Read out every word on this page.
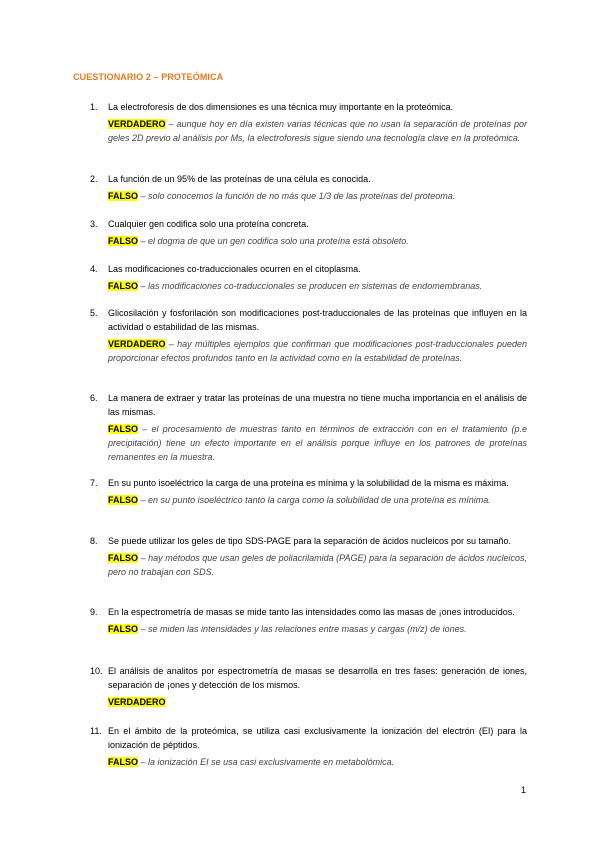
CUESTIONARIO 2 – PROTEÓMICA
1. La electroforesis de dos dimensiones es una técnica muy importante en la proteómica.
VERDADERO – aunque hoy en día existen varias técnicas que no usan la separación de proteínas por geles 2D previo al análisis por Ms, la electroforesis sigue siendo una tecnología clave en la proteómica.
2. La función de un 95% de las proteínas de una célula es conocida.
FALSO – solo conocemos la función de no más que 1/3 de las proteínas del proteoma.
3. Cualquier gen codifica solo una proteína concreta.
FALSO – el dogma de que un gen codifica solo una proteína está obsoleto.
4. Las modificaciones co-traduccionales ocurren en el citoplasma.
FALSO – las modificaciones co-traduccionales se producen en sistemas de endomembranas.
5. Glicosilación y fosforilación son modificaciones post-traduccionales de las proteínas que influyen en la actividad o estabilidad de las mismas.
VERDADERO – hay múltiples ejemplos que confirman que modificaciones post-traduccionales pueden proporcionar efectos profundos tanto en la actividad como en la estabilidad de proteínas.
6. La manera de extraer y tratar las proteínas de una muestra no tiene mucha importancia en el análisis de las mismas.
FALSO – el procesamiento de muestras tanto en términos de extracción con en el tratamiento (p.e precipitación) tiene un efecto importante en el análisis porque influye en los patrones de proteínas remanentes en la muestra.
7. En su punto isoeléctrico la carga de una proteína es mínima y la solubilidad de la misma es máxima.
FALSO – en su punto isoeléctrico tanto la carga como la solubilidad de una proteína es mínima.
8. Se puede utilizar los geles de tipo SDS-PAGE para la separación de ácidos nucleicos por su tamaño.
FALSO – hay métodos que usan geles de poliacrilamida (PAGE) para la separación de ácidos nucleicos, pero no trabajan con SDS.
9. En la espectrometría de masas se mide tanto las intensidades como las masas de ¡ones introducidos.
FALSO – se miden las intensidades y las relaciones entre masas y cargas (m/z) de iones.
10. El análisis de analitos por espectrometría de masas se desarrolla en tres fases: generación de iones, separación de ¡ones y detección de los mismos.
VERDADERO
11. En el ámbito de la proteómica, se utiliza casi exclusivamente la ionización del electrón (EI) para la ionización de péptidos.
FALSO – la ionización EI se usa casi exclusivamente en metabolómica.
1
